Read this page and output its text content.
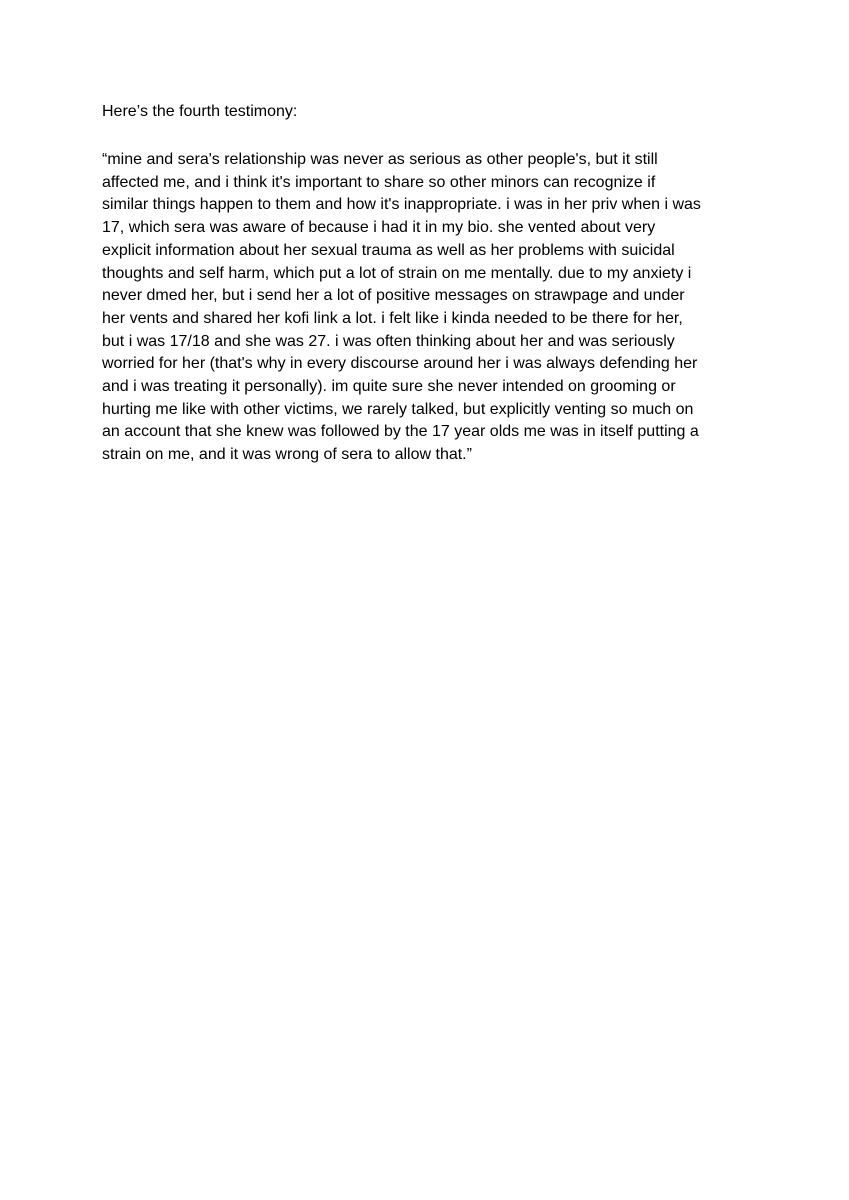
Here’s the fourth testimony:

“mine and sera's relationship was never as serious as other people's, but it still
affected me, and i think it's important to share so other minors can recognize if
similar things happen to them and how it's inappropriate. i was in her priv when i was
17, which sera was aware of because i had it in my bio. she vented about very
explicit information about her sexual trauma as well as her problems with suicidal
thoughts and self harm, which put a lot of strain on me mentally. due to my anxiety i
never dmed her, but i send her a lot of positive messages on strawpage and under
her vents and shared her kofi link a lot. i felt like i kinda needed to be there for her,
but i was 17/18 and she was 27. i was often thinking about her and was seriously
worried for her (that's why in every discourse around her i was always defending her
and i was treating it personally). im quite sure she never intended on grooming or
hurting me like with other victims, we rarely talked, but explicitly venting so much on
an account that she knew was followed by the 17 year olds me was in itself putting a
strain on me, and it was wrong of sera to allow that.”
